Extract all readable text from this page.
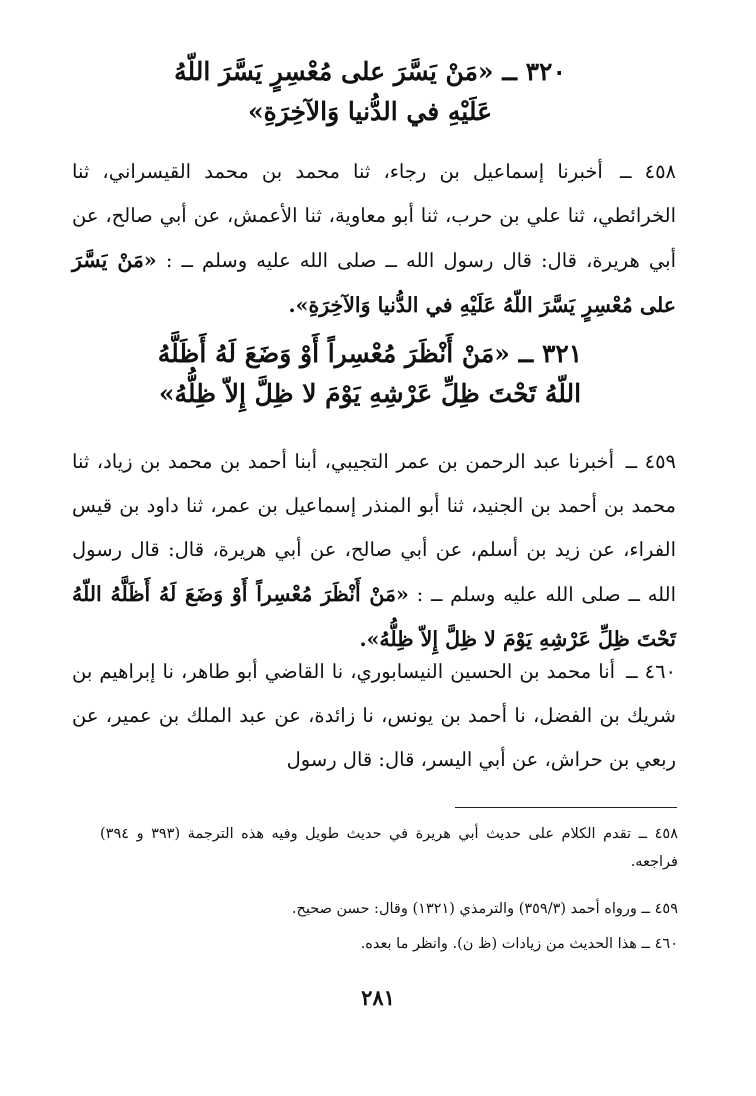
٣٢٠ ــ «مَنْ يَسَّرَ على مُعْسِرٍ يَسَّرَ اللّهُ عَلَيْهِ في الدُّنيا وَالآخِرَةِ»
٤٥٨ ــ أخبرنا إسماعيل بن رجاء، ثنا محمد بن محمد القيسراني، ثنا الخرائطي، ثنا علي بن حرب، ثنا أبو معاوية، ثنا الأعمش، عن أبي صالح، عن أبي هريرة، قال: قال رسول الله ــ صلى الله عليه وسلم ــ : «مَنْ يَسَّرَ على مُعْسِرٍ يَسَّرَ اللّهُ عَلَيْهِ في الدُّنيا وَالآخِرَةِ».
٣٢١ ــ «مَنْ أَنْظَرَ مُعْسِراً أَوْ وَضَعَ لَهُ أَظَلَّهُ اللّهُ تَحْتَ ظِلِّ عَرْشِهِ يَوْمَ لا ظِلَّ إِلاّ ظِلُّهُ»
٤٥٩ ــ أخبرنا عبد الرحمن بن عمر التجيبي، أبنا أحمد بن محمد بن زياد، ثنا محمد بن أحمد بن الجنيد، ثنا أبو المنذر إسماعيل بن عمر، ثنا داود بن قيس الفراء، عن زيد بن أسلم، عن أبي صالح، عن أبي هريرة، قال: قال رسول الله ــ صلى الله عليه وسلم ــ : «مَنْ أَنْظَرَ مُعْسِراً أَوْ وَضَعَ لَهُ أَظَلَّهُ اللّهُ تَحْتَ ظِلِّ عَرْشِهِ يَوْمَ لا ظِلَّ إِلاّ ظِلُّهُ».
٤٦٠ ــ أنا محمد بن الحسين النيسابوري، نا القاضي أبو طاهر، نا إبراهيم بن شريك بن الفضل، نا أحمد بن يونس، نا زائدة، عن عبد الملك بن عمير، عن ربعي بن حراش، عن أبي اليسر، قال: قال رسول
٤٥٨ ــ تقدم الكلام على حديث أبي هريرة في حديث طويل وفيه هذه الترجمة (٣٩٣ و ٣٩٤) فراجعه.
٤٥٩ ــ ورواه أحمد (٣٥٩/٣) والترمذي (١٣٢١) وقال: حسن صحيح.
٤٦٠ ــ هذا الحديث من زيادات (ظ ن). وانظر ما بعده.
٢٨١
